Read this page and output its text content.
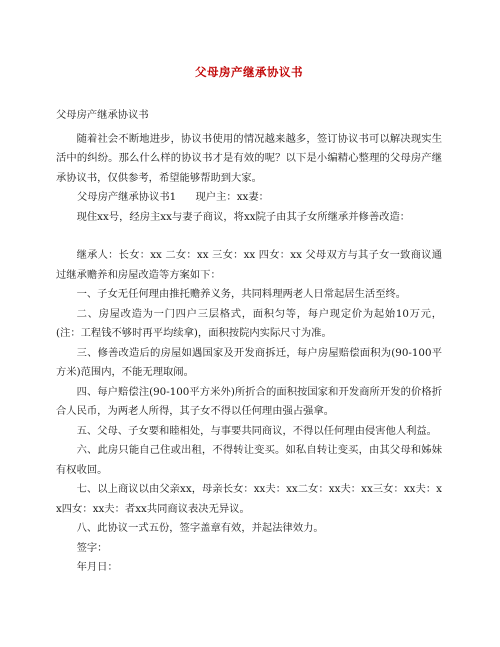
父母房产继承协议书

父母房产继承协议书

随着社会不断地进步，协议书使用的情况越来越多，签订协议书可以解决现实生活中的纠纷。那么什么样的协议书才是有效的呢？以下是小编精心整理的父母房产继承协议书，仅供参考，希望能够帮助到大家。

父母房产继承协议书1 现户主：xx妻：

现住xx号，经房主xx与妻子商议，将xx院子由其子女所继承并修善改造：

继承人：长女：xx 二女：xx 三女：xx 四女：xx 父母双方与其子女一致商议通过继承赡养和房屋改造等方案如下：

一、子女无任何理由推托赡养义务，共同料理两老人日常起居生活至终。

二、房屋改造为一门四户三层格式，面积匀等，每户现定价为起始10万元，(注：工程钱不够时再平均续拿)，面积按院内实际尺寸为准。

三、修善改造后的房屋如遇国家及开发商拆迁，每户房屋赔偿面积为(90-100平方米)范围内，不能无理取闹。

四、每户赔偿注(90-100平方米外)所折合的面积按国家和开发商所开发的价格折合人民币，为两老人所得，其子女不得以任何理由强占强拿。

五、父母、子女要和睦相处，与事要共同商议，不得以任何理由侵害他人利益。

六、此房只能自己住或出租，不得转让变买。如私自转让变买，由其父母和姊妹有权收回。

七、以上商议以由父亲xx，母亲长女：xx夫：xx二女：xx夫：xx三女：xx夫：xx四女：xx夫：者xx共同商议表决无异议。

八、此协议一式五份，签字盖章有效，并起法律效力。

签字：

年月日：
